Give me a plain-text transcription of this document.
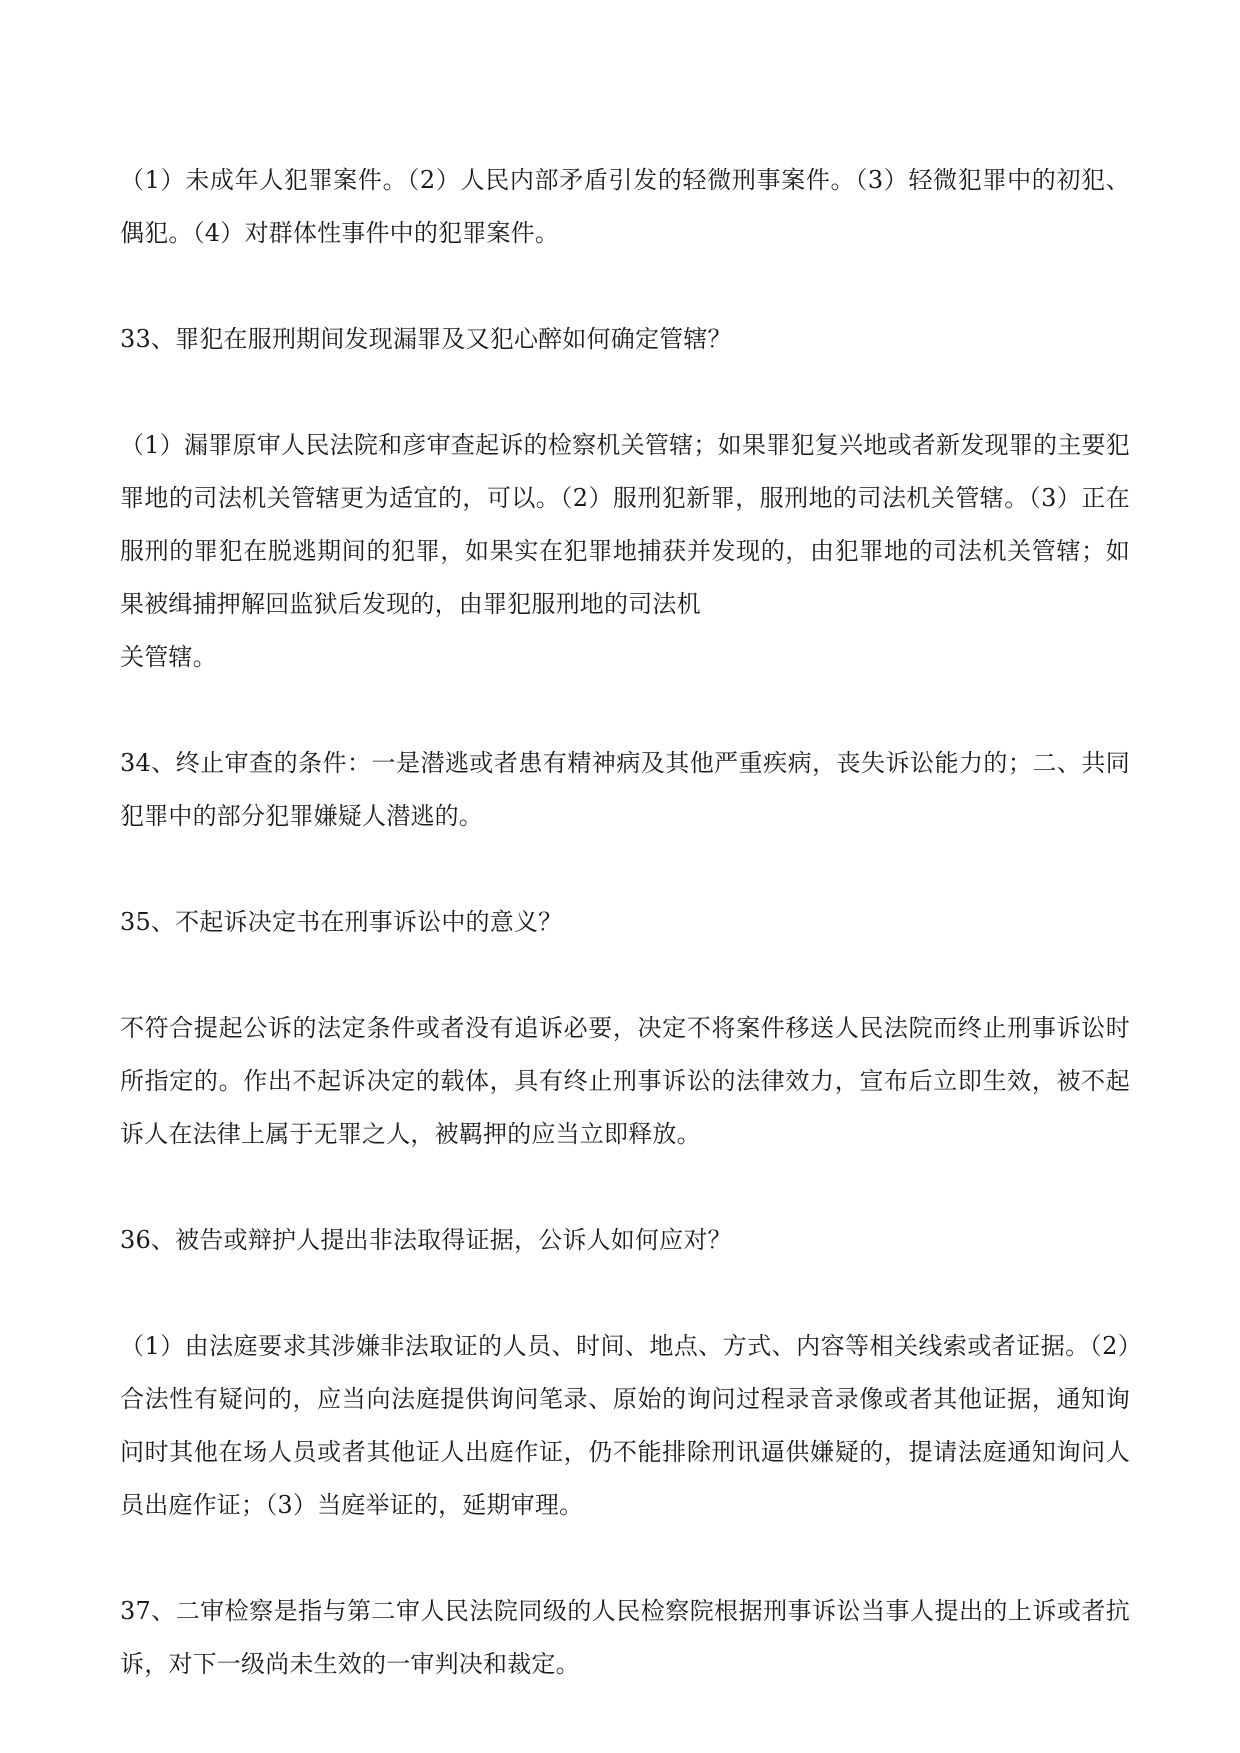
（1）未成年人犯罪案件。（2）人民内部矛盾引发的轻微刑事案件。（3）轻微犯罪中的初犯、偶犯。（4）对群体性事件中的犯罪案件。

33、罪犯在服刑期间发现漏罪及又犯心醉如何确定管辖？

（1）漏罪原审人民法院和彦审查起诉的检察机关管辖；如果罪犯复兴地或者新发现罪的主要犯罪地的司法机关管辖更为适宜的，可以。（2）服刑犯新罪，服刑地的司法机关管辖。（3）正在服刑的罪犯在脱逃期间的犯罪，如果实在犯罪地捕获并发现的，由犯罪地的司法机关管辖；如果被缉捕押解回监狱后发现的，由罪犯服刑地的司法机

关管辖。

34、终止审查的条件：一是潜逃或者患有精神病及其他严重疾病，丧失诉讼能力的；二、共同犯罪中的部分犯罪嫌疑人潜逃的。

35、不起诉决定书在刑事诉讼中的意义？

不符合提起公诉的法定条件或者没有追诉必要，决定不将案件移送人民法院而终止刑事诉讼时所指定的。作出不起诉决定的载体，具有终止刑事诉讼的法律效力，宣布后立即生效，被不起诉人在法律上属于无罪之人，被羁押的应当立即释放。

36、被告或辩护人提出非法取得证据，公诉人如何应对？

（1）由法庭要求其涉嫌非法取证的人员、时间、地点、方式、内容等相关线索或者证据。（2）合法性有疑问的，应当向法庭提供询问笔录、原始的询问过程录音录像或者其他证据，通知询问时其他在场人员或者其他证人出庭作证，仍不能排除刑讯逼供嫌疑的，提请法庭通知询问人员出庭作证；（3）当庭举证的，延期审理。

37、二审检察是指与第二审人民法院同级的人民检察院根据刑事诉讼当事人提出的上诉或者抗诉，对下一级尚未生效的一审判决和裁定。
